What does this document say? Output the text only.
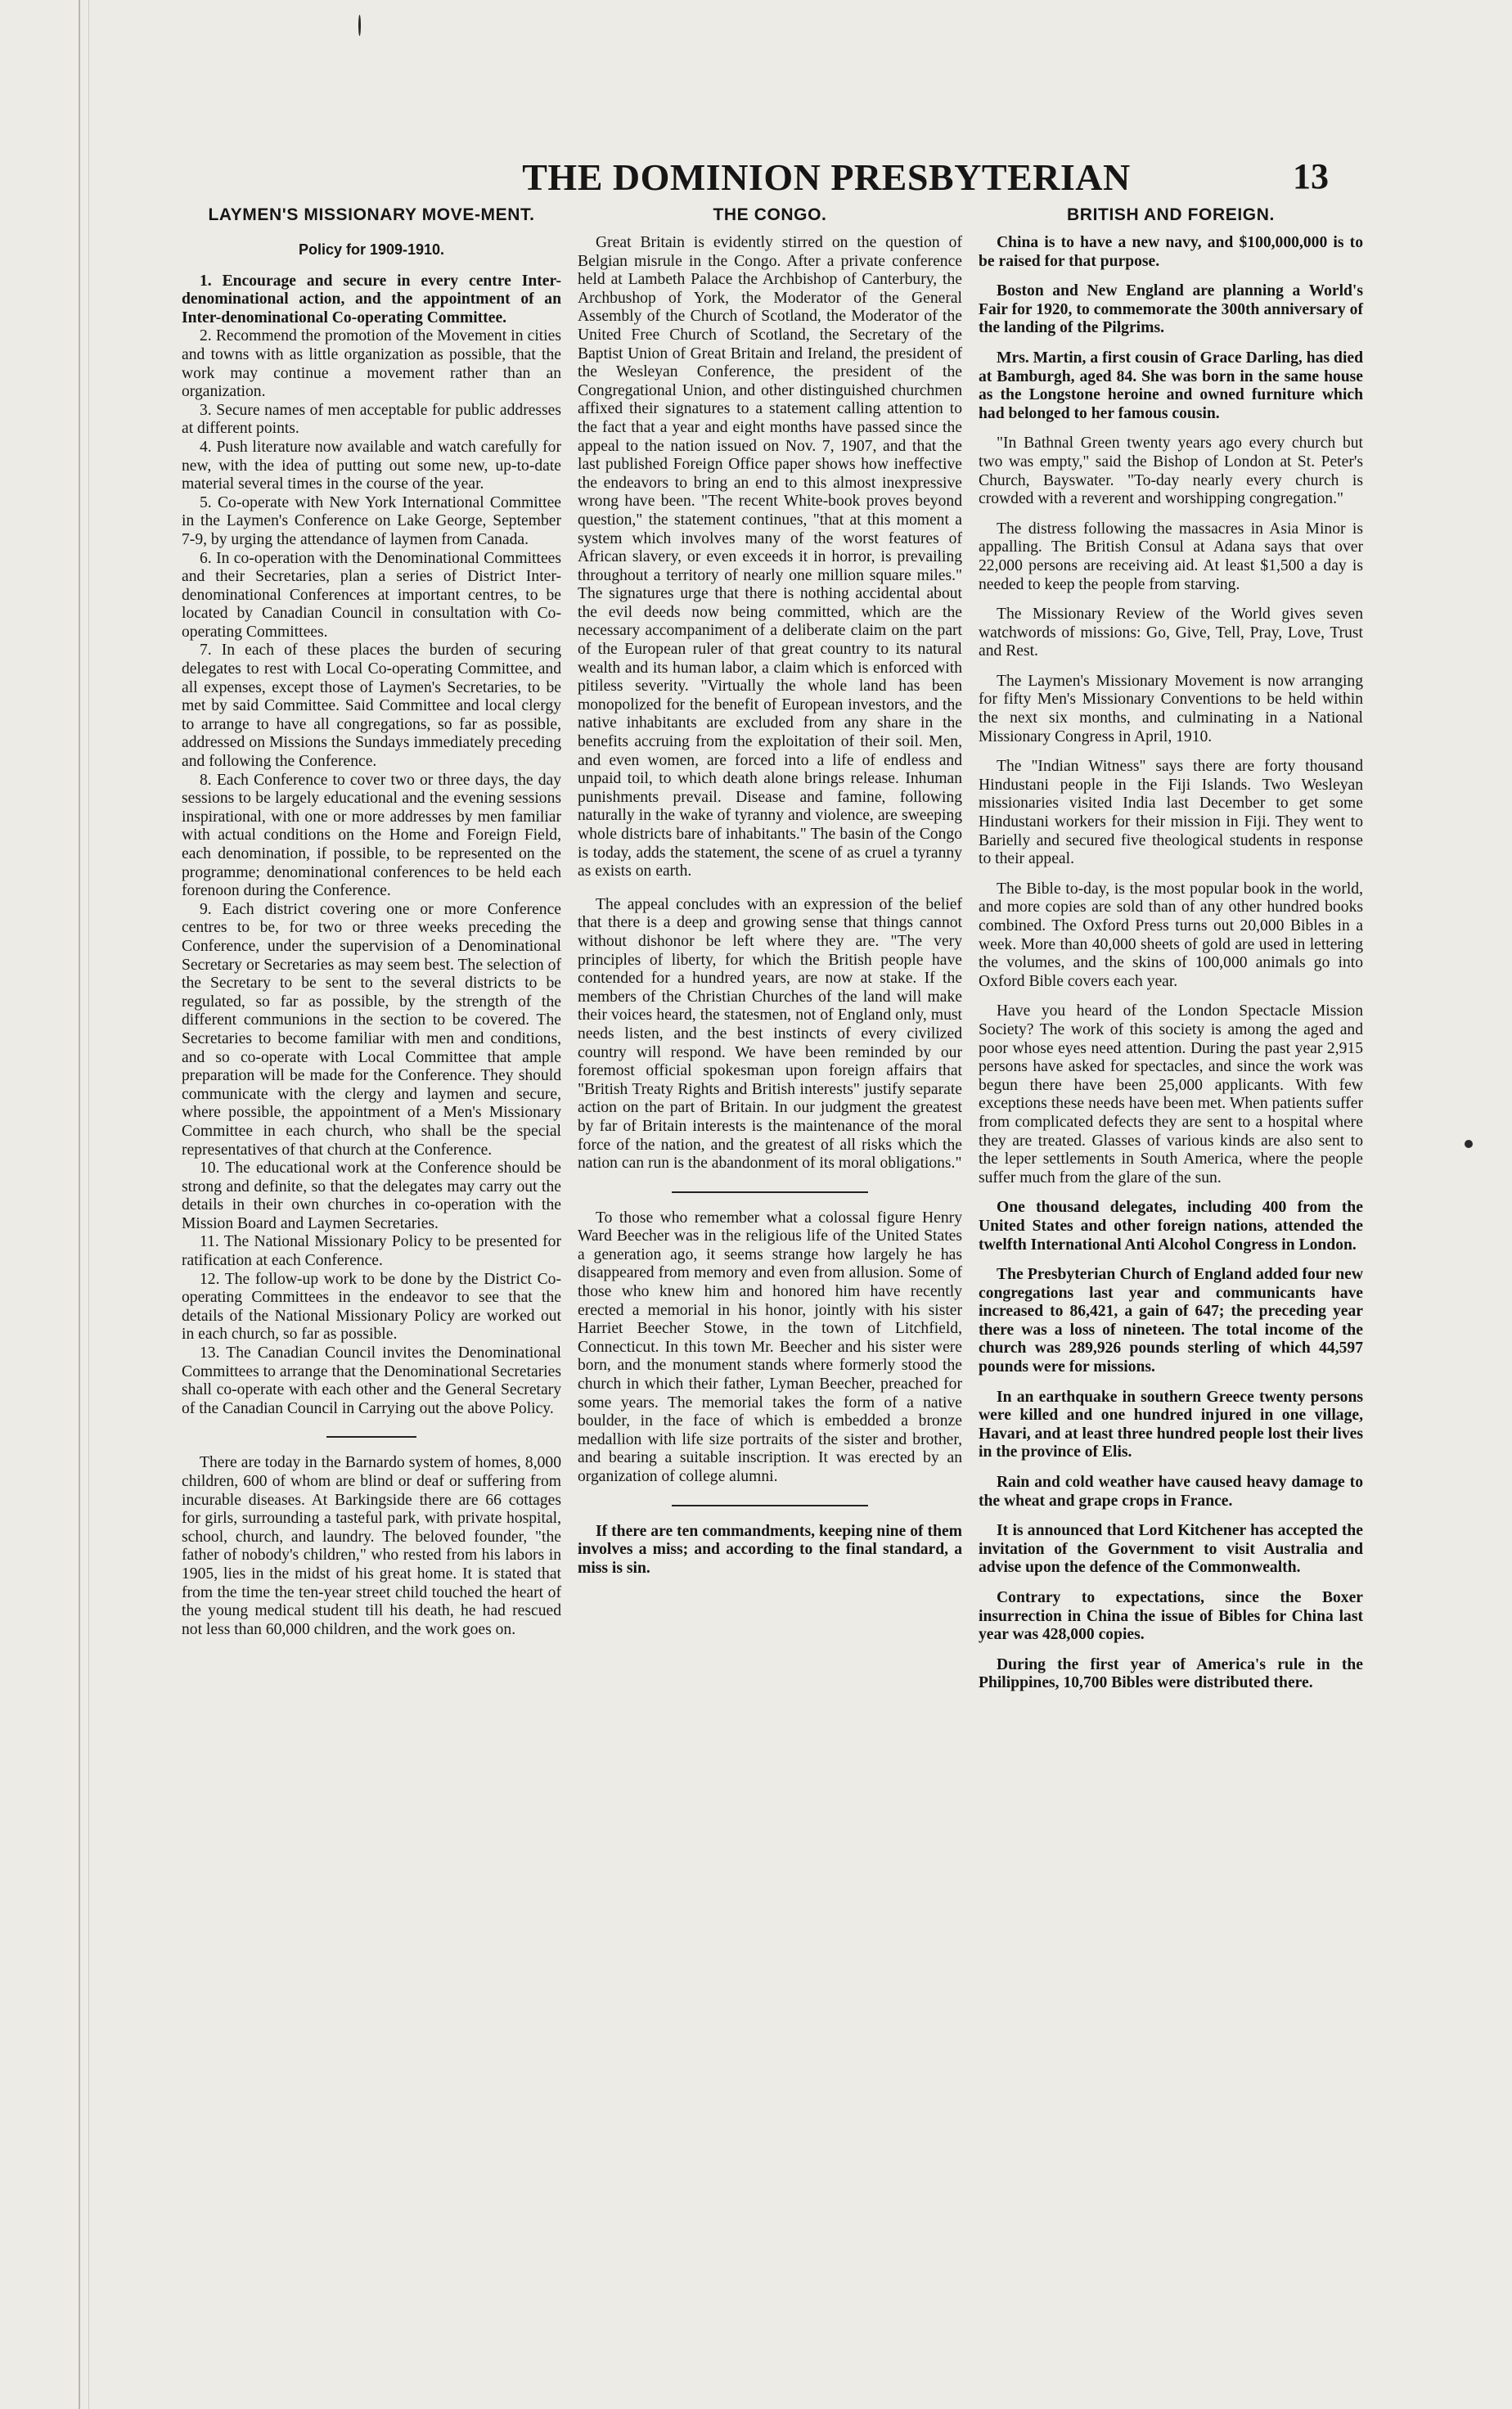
THE DOMINION PRESBYTERIAN	13
LAYMEN'S MISSIONARY MOVE-MENT.
Policy for 1909-1910.

1. Encourage and secure in every centre Inter-denominational action, and the appointment of an Inter-denominational Co-operating Committee.

2. Recommend the promotion of the Movement in cities and towns with as little organization as possible, that the work may continue a movement rather than an organization.

3. Secure names of men acceptable for public addresses at different points.

4. Push literature now available and watch carefully for new, with the idea of putting out some new, up-to-date material several times in the course of the year.

5. Co-operate with New York International Committee in the Laymen's Conference on Lake George, September 7-9, by urging the attendance of laymen from Canada.

6. In co-operation with the Denominational Committees and their Secretaries, plan a series of District Inter-denominational Conferences at important centres, to be located by Canadian Council in consultation with Co-operating Committees.

7. In each of these places the burden of securing delegates to rest with Local Co-operating Committee, and all expenses, except those of Laymen's Secretaries, to be met by said Committee. Said Committee and local clergy to arrange to have all congregations, so far as possible, addressed on Missions the Sundays immediately preceding and following the Conference.

8. Each Conference to cover two or three days, the day sessions to be largely educational and the evening sessions inspirational, with one or more addresses by men familiar with actual conditions on the Home and Foreign Field, each denomination, if possible, to be represented on the programme; denominational conferences to be held each forenoon during the Conference.

9. Each district covering one or more Conference centres to be, for two or three weeks preceding the Conference, under the supervision of a Denominational Secretary or Secretaries as may seem best. The selection of the Secretary to be sent to the several districts to be regulated, so far as possible, by the strength of the different communions in the section to be covered. The Secretaries to become familiar with men and conditions, and so co-operate with Local Committee that ample preparation will be made for the Conference. They should communicate with the clergy and laymen and secure, where possible, the appointment of a Men's Missionary Committee in each church, who shall be the special representatives of that church at the Conference.

10. The educational work at the Conference should be strong and definite, so that the delegates may carry out the details in their own churches in co-operation with the Mission Board and Laymen Secretaries.

11. The National Missionary Policy to be presented for ratification at each Conference.

12. The follow-up work to be done by the District Co-operating Committees in the endeavor to see that the details of the National Missionary Policy are worked out in each church, so far as possible.

13. The Canadian Council invites the Denominational Committees to arrange that the Denominational Secretaries shall co-operate with each other and the General Secretary of the Canadian Council in Carrying out the above Policy.

There are today in the Barnardo system of homes, 8,000 children, 600 of whom are blind or deaf or suffering from incurable diseases. At Barkingside there are 66 cottages for girls, surrounding a tasteful park, with private hospital, school, church, and laundry. The beloved founder, "the father of nobody's children," who rested from his labors in 1905, lies in the midst of his great home. It is stated that from the time the ten-year street child touched the heart of the young medical student till his death, he had rescued not less than 60,000 children, and the work goes on.

THE CONGO.

Great Britain is evidently stirred on the question of Belgian misrule in the Congo. After a private conference held at Lambeth Palace the Archbishop of Canterbury, the Archbushop of York, the Moderator of the General Assembly of the Church of Scotland, the Moderator of the United Free Church of Scotland, the Secretary of the Baptist Union of Great Britain and Ireland, the president of the Wesleyan Conference, the president of the Congregational Union, and other distinguished churchmen affixed their signatures to a statement calling attention to the fact that a year and eight months have passed since the appeal to the nation issued on Nov. 7, 1907, and that the last published Foreign Office paper shows how ineffective the endeavors to bring an end to this almost inexpressive wrong have been. "The recent White-book proves beyond question," the statement continues, "that at this moment a system which involves many of the worst features of African slavery, or even exceeds it in horror, is prevailing throughout a territory of nearly one million square miles." The signatures urge that there is nothing accidental about the evil deeds now being committed, which are the necessary accompaniment of a deliberate claim on the part of the European ruler of that great country to its natural wealth and its human labor, a claim which is enforced with pitiless severity. "Virtually the whole land has been monopolized for the benefit of European investors, and the native inhabitants are excluded from any share in the benefits accruing from the exploitation of their soil. Men, and even women, are forced into a life of endless and unpaid toil, to which death alone brings release. Inhuman punishments prevail. Disease and famine, following naturally in the wake of tyranny and violence, are sweeping whole districts bare of inhabitants." The basin of the Congo is today, adds the statement, the scene of as cruel a tyranny as exists on earth.

The appeal concludes with an expression of the belief that there is a deep and growing sense that things cannot without dishonor be left where they are. "The very principles of liberty, for which the British people have contended for a hundred years, are now at stake. If the members of the Christian Churches of the land will make their voices heard, the statesmen, not of England only, must needs listen, and the best instincts of every civilized country will respond. We have been reminded by our foremost official spokesman upon foreign affairs that "British Treaty Rights and British interests" justify separate action on the part of Britain. In our judgment the greatest by far of Britain interests is the maintenance of the moral force of the nation, and the greatest of all risks which the nation can run is the abandonment of its moral obligations."

To those who remember what a colossal figure Henry Ward Beecher was in the religious life of the United States a generation ago, it seems strange how largely he has disappeared from memory and even from allusion. Some of those who knew him and honored him have recently erected a memorial in his honor, jointly with his sister Harriet Beecher Stowe, in the town of Litchfield, Connecticut. In this town Mr. Beecher and his sister were born, and the monument stands where formerly stood the church in which their father, Lyman Beecher, preached for some years. The memorial takes the form of a native boulder, in the face of which is embedded a bronze medallion with life size portraits of the sister and brother, and bearing a suitable inscription. It was erected by an organization of college alumni.

If there are ten commandments, keeping nine of them involves a miss; and according to the final standard, a miss is sin.

BRITISH AND FOREIGN.

China is to have a new navy, and $100,000,000 is to be raised for that purpose.

Boston and New England are planning a World's Fair for 1920, to commemorate the 300th anniversary of the landing of the Pilgrims.

Mrs. Martin, a first cousin of Grace Darling, has died at Bamburgh, aged 84. She was born in the same house as the Longstone heroine and owned furniture which had belonged to her famous cousin.

"In Bathnal Green twenty years ago every church but two was empty," said the Bishop of London at St. Peter's Church, Bayswater. "To-day nearly every church is crowded with a reverent and worshipping congregation."

The distress following the massacres in Asia Minor is appalling. The British Consul at Adana says that over 22,000 persons are receiving aid. At least $1,500 a day is needed to keep the people from starving.

The Missionary Review of the World gives seven watchwords of missions: Go, Give, Tell, Pray, Love, Trust and Rest.

The Laymen's Missionary Movement is now arranging for fifty Men's Missionary Conventions to be held within the next six months, and culminating in a National Missionary Congress in April, 1910.

The "Indian Witness" says there are forty thousand Hindustani people in the Fiji Islands. Two Wesleyan missionaries visited India last December to get some Hindustani workers for their mission in Fiji. They went to Barielly and secured five theological students in response to their appeal.

The Bible to-day, is the most popular book in the world, and more copies are sold than of any other hundred books combined. The Oxford Press turns out 20,000 Bibles in a week. More than 40,000 sheets of gold are used in lettering the volumes, and the skins of 100,000 animals go into Oxford Bible covers each year.

Have you heard of the London Spectacle Mission Society? The work of this society is among the aged and poor whose eyes need attention. During the past year 2,915 persons have asked for spectacles, and since the work was begun there have been 25,000 applicants. With few exceptions these needs have been met. When patients suffer from complicated defects they are sent to a hospital where they are treated. Glasses of various kinds are also sent to the leper settlements in South America, where the people suffer much from the glare of the sun.

One thousand delegates, including 400 from the United States and other foreign nations, attended the twelfth International Anti Alcohol Congress in London.

The Presbyterian Church of England added four new congregations last year and communicants have increased to 86,421, a gain of 647; the preceding year there was a loss of nineteen. The total income of the church was 289,926 pounds sterling of which 44,597 pounds were for missions.

In an earthquake in southern Greece twenty persons were killed and one hundred injured in one village, Havari, and at least three hundred people lost their lives in the province of Elis.

Rain and cold weather have caused heavy damage to the wheat and grape crops in France.

It is announced that Lord Kitchener has accepted the invitation of the Government to visit Australia and advise upon the defence of the Commonwealth.

Contrary to expectations, since the Boxer insurrection in China the issue of Bibles for China last year was 428,000 copies.

During the first year of America's rule in the Philippines, 10,700 Bibles were distributed there.
